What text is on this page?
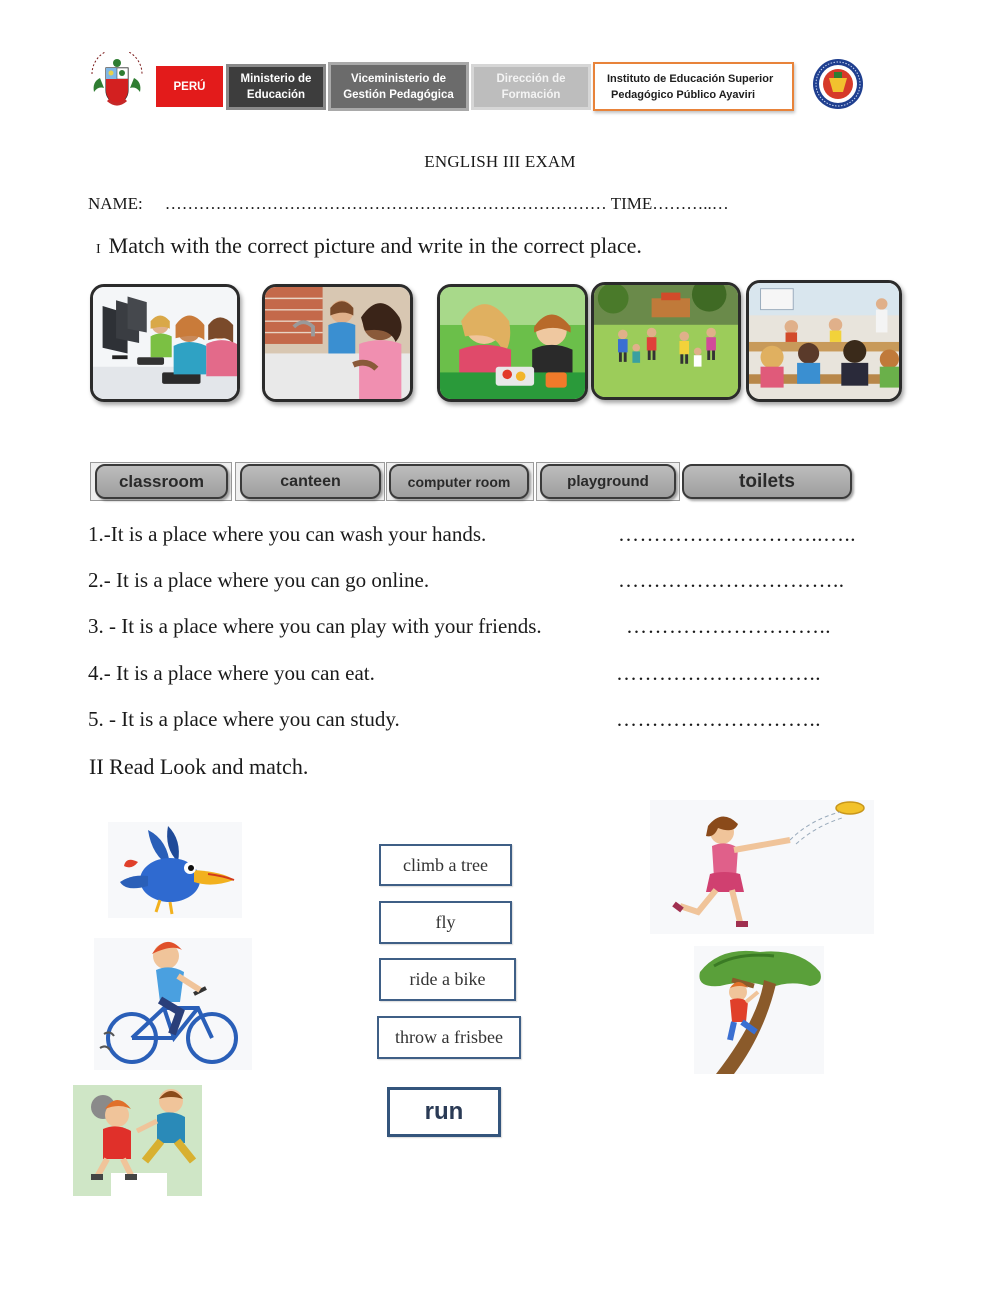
PERÚ
Ministerio de Educación
Viceministerio de Gestión Pedagógica
Dirección de Formación
Instituto de Educación Superior
Pedagógico Público Ayaviri
ENGLISH III EXAM
NAME: …………………………………………………………………… TIME………..…
I Match with the correct picture and write in the correct place.
classroom	canteen	computer room	playground	toilets
1.-It is a place where you can wash your hands.	………………………..…..
2.- It is a place where you can go online.	…………………………..
3. - It is a place where you can play with your friends.	………………………..
4.- It is a place where you can eat.	………………………..
5. - It is a place where you can study.	………………………..
II Read Look and match.
climb a tree
fly
ride a bike
throw a frisbee
run
